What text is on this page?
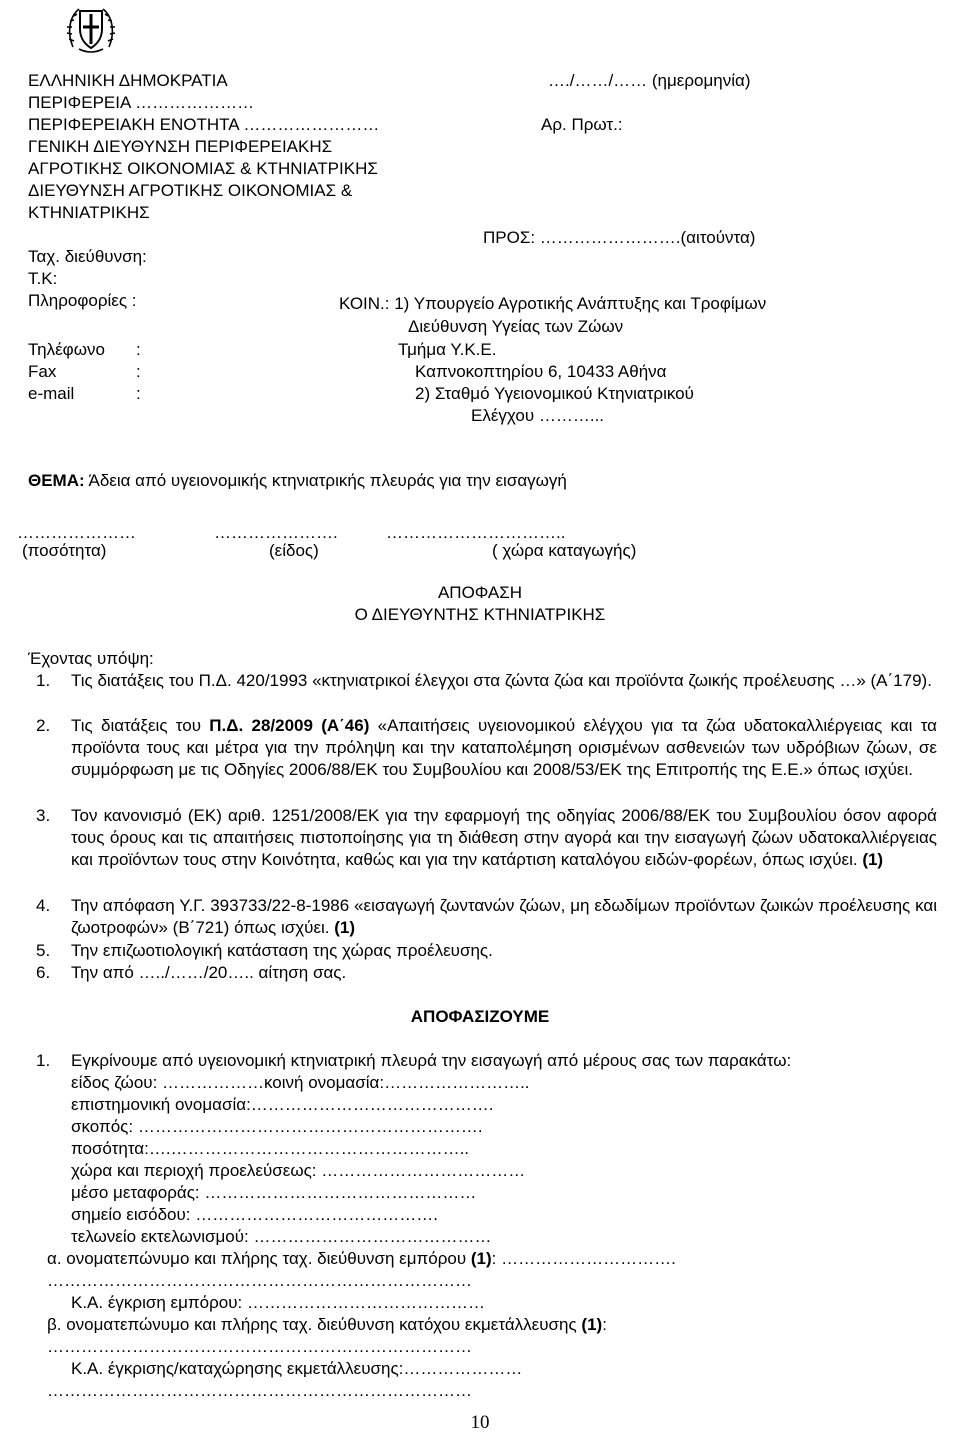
ΕΛΛΗΝΙΚΗ ΔΗΜΟΚΡΑΤΙΑ
ΠΕΡΙΦΕΡΕΙΑ …………………
ΠΕΡΙΦΕΡΕΙΑΚΗ ΕΝΟΤΗΤΑ ……………………
ΓΕΝΙΚΗ ΔΙΕΥΘΥΝΣΗ ΠΕΡΙΦΕΡΕΙΑΚΗΣ
ΑΓΡΟΤΙΚΗΣ ΟΙΚΟΝΟΜΙΑΣ & ΚΤΗΝΙΑΤΡΙΚΗΣ
ΔΙΕΥΘΥΝΣΗ ΑΓΡΟΤΙΚΗΣ ΟΙΚΟΝΟΜΙΑΣ &
ΚΤΗΝΙΑΤΡΙΚΗΣ
Ταχ. διεύθυνση:
Τ.Κ:
Πληροφορίες :
Τηλέφωνο :
Fax	:
e-mail	:
…./……/…… (ημερομηνία)
Αρ. Πρωτ.:
ΠΡΟΣ: …………………….(αιτούντα)
ΚΟΙΝ.: 1) Υπουργείο Αγροτικής Ανάπτυξης και Τροφίμων
Διεύθυνση Υγείας των Ζώων
Τμήμα Υ.Κ.Ε.
Καπνοκοπτηρίου 6, 10433 Αθήνα
2) Σταθμό Υγειονομικού Κτηνιατρικού
Ελέγχου ………...
ΘΕΜΑ: Άδεια από υγειονομικής κτηνιατρικής πλευράς για την εισαγωγή
…………………	………………….	…………………………..
(ποσότητα)	(είδος)	( χώρα καταγωγής)
ΑΠΟΦΑΣΗ
Ο ΔΙΕΥΘΥΝΤΗΣ ΚΤΗΝΙΑΤΡΙΚΗΣ
Έχοντας υπόψη:
1. Τις διατάξεις του Π.Δ. 420/1993 «κτηνιατρικοί έλεγχοι στα ζώντα ζώα και προϊόντα ζωικής προέλευσης …» (Α΄179).
2. Τις διατάξεις του Π.Δ. 28/2009 (Α΄46) «Απαιτήσεις υγειονομικού ελέγχου για τα ζώα υδατοκαλλιέργειας και τα προϊόντα τους και μέτρα για την πρόληψη και την καταπολέμηση ορισμένων ασθενειών των υδρόβιων ζώων, σε συμμόρφωση με τις Οδηγίες 2006/88/ΕΚ του Συμβουλίου και 2008/53/ΕΚ της Επιτροπής της Ε.Ε.» όπως ισχύει.
3. Τον κανονισμό (ΕΚ) αριθ. 1251/2008/ΕΚ για την εφαρμογή της οδηγίας 2006/88/ΕΚ του Συμβουλίου όσον αφορά τους όρους και τις απαιτήσεις πιστοποίησης για τη διάθεση στην αγορά και την εισαγωγή ζώων υδατοκαλλιέργειας και προϊόντων τους στην Κοινότητα, καθώς και για την κατάρτιση καταλόγου ειδών-φορέων, όπως ισχύει. (1)
4. Την απόφαση Υ.Γ. 393733/22-8-1986 «εισαγωγή ζωντανών ζώων, μη εδωδίμων προϊόντων ζωικών προέλευσης και ζωοτροφών» (Β΄721) όπως ισχύει. (1)
5. Την επιζωοτιολογική κατάσταση της χώρας προέλευσης.
6. Την από …../……/20….. αίτηση σας.
ΑΠΟΦΑΣΙΖΟΥΜΕ
1. Εγκρίνουμε από υγειονομική κτηνιατρική πλευρά την εισαγωγή από μέρους σας των παρακάτω:
είδος ζώου: ………………κοινή ονομασία:……………………..
επιστημονική ονομασία:…………………………………….
σκοπός: …………………………………………………….
ποσότητα:….……………………………………………..
χώρα και περιοχή προελεύσεως: ………………………………
μέσο μεταφοράς: …………………………………………
σημείο εισόδου: …………………………………….
τελωνείο εκτελωνισμού: ……………………………………
α. ονοματεπώνυμο και πλήρης ταχ. διεύθυνση εμπόρου (1): ………………………….
…………………………………………………………………
Κ.Α. έγκριση εμπόρου: ……………………………………
β. ονοματεπώνυμο και πλήρης ταχ. διεύθυνση κατόχου εκμετάλλευσης (1):
…………………………………………………………………
Κ.Α. έγκρισης/καταχώρησης εκμετάλλευσης:…………………
…………………………………………………………………
10
